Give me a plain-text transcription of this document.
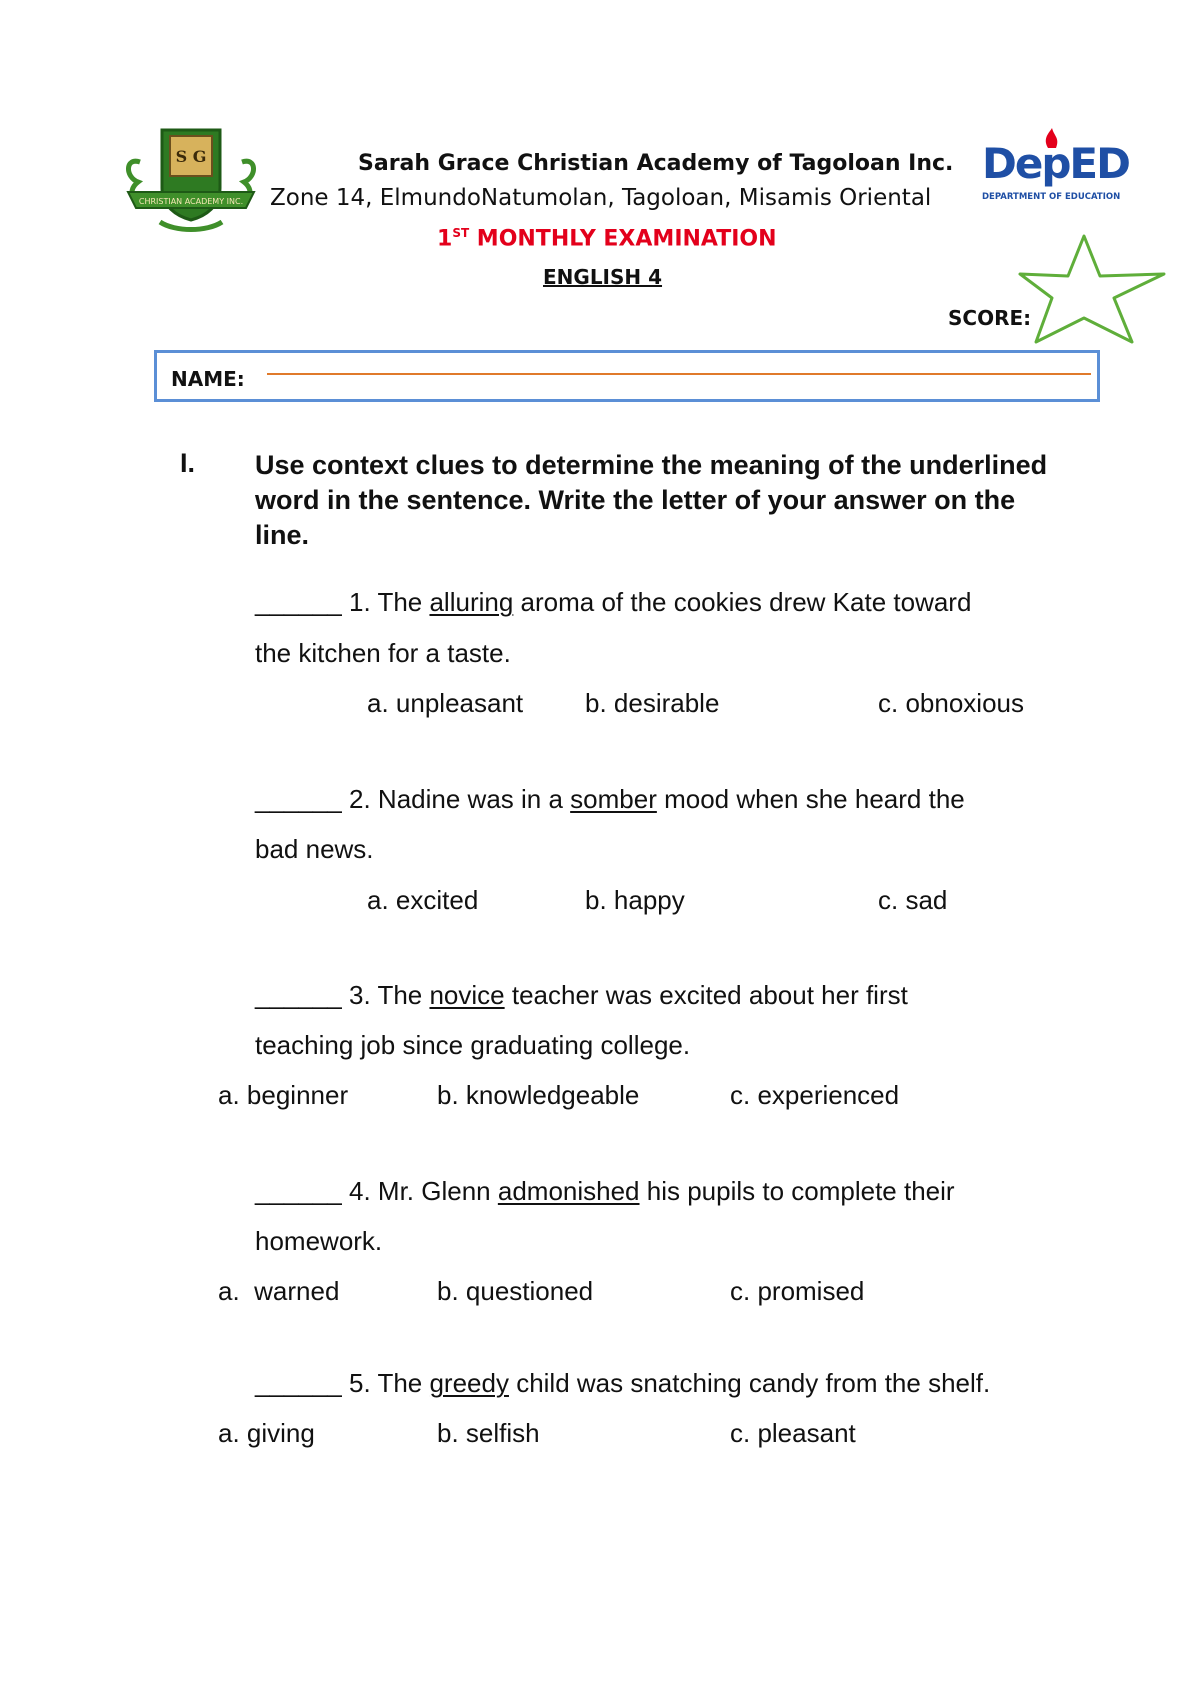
S G
CHRISTIAN ACADEMY INC.
DepED
DEPARTMENT OF EDUCATION
Sarah Grace Christian Academy of Tagoloan Inc.
Zone 14, ElmundoNatumolan, Tagoloan, Misamis Oriental
1ST MONTHLY EXAMINATION
ENGLISH 4
SCORE:
NAME:
I. Use context clues to determine the meaning of the underlined word in the sentence. Write the letter of your answer on the line.
______ 1. The alluring aroma of the cookies drew Kate toward
the kitchen for a taste.
a. unpleasant b. desirable	c. obnoxious
______ 2. Nadine was in a somber mood when she heard the
bad news.
a. excited	b. happy	c. sad
______ 3. The novice teacher was excited about her first
teaching job since graduating college.
a. beginner	b. knowledgeable	c. experienced
______ 4. Mr. Glenn admonished his pupils to complete their
homework.
a.  warned	b. questioned	c. promised
______ 5. The greedy child was snatching candy from the shelf.
a. giving	b. selfish	c. pleasant
